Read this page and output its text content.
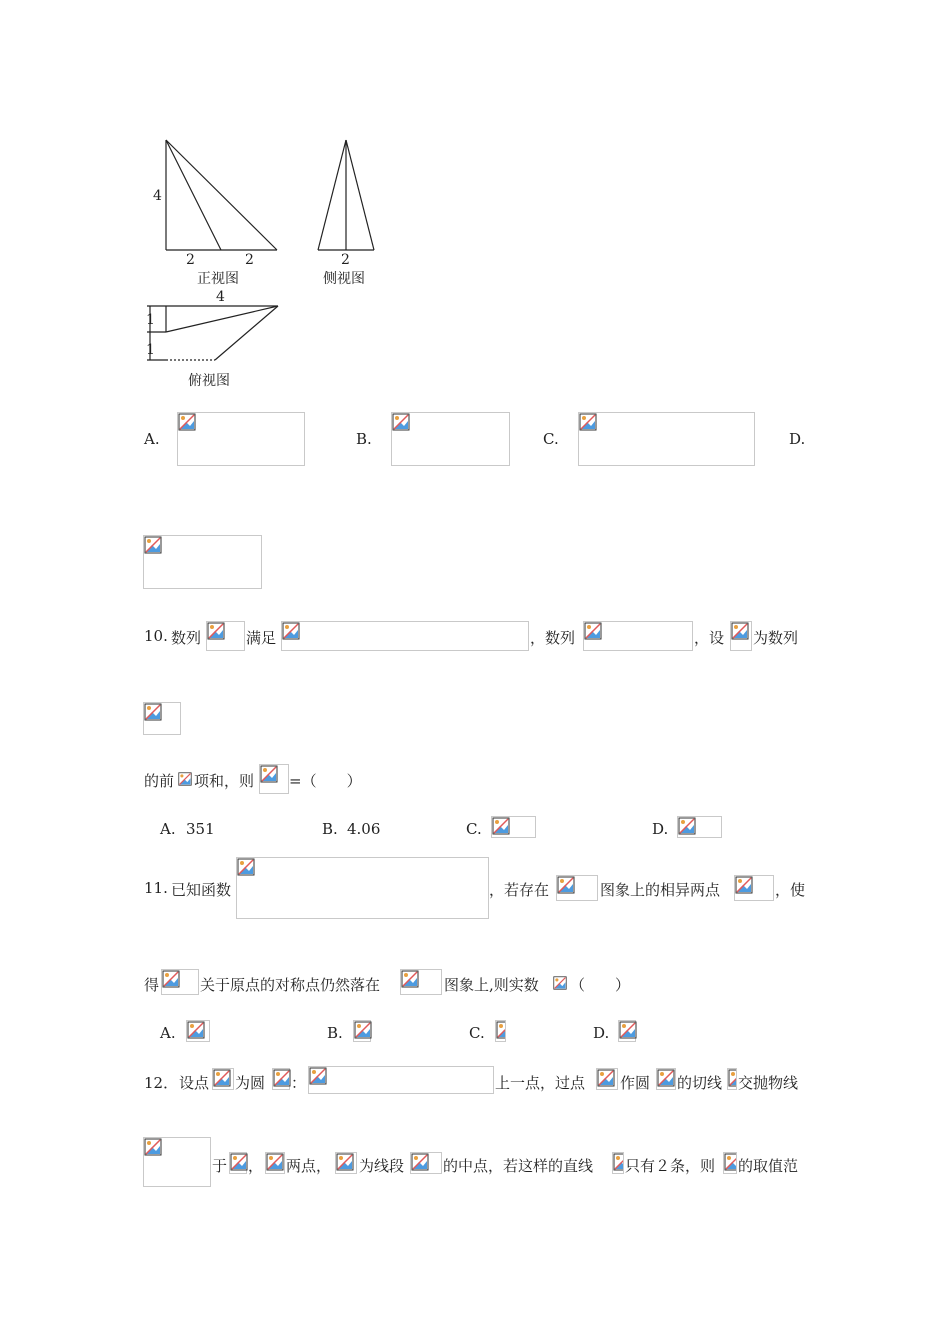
4
2	2
正视图
2
侧视图
4
1
1
俯视图
A.	B.	C.	D.
10. 数列	满足	，数列	，设 为数列
的前 项和，则 =（　　）
A. 351	B. 4.06	C.	D.
11. 已知函数	，若存在	图象上的相异两点	，使
得	关于原点的对称点仍然落在	图象上,则实数 （　　）
A.	B.	C.	D.
12． 设点 为圆 ：	上一点，过点 作圆 的切线 交抛物线
于 ， 两点， 为线段	的中点，若这样的直线 只有２条，则 的取值范
